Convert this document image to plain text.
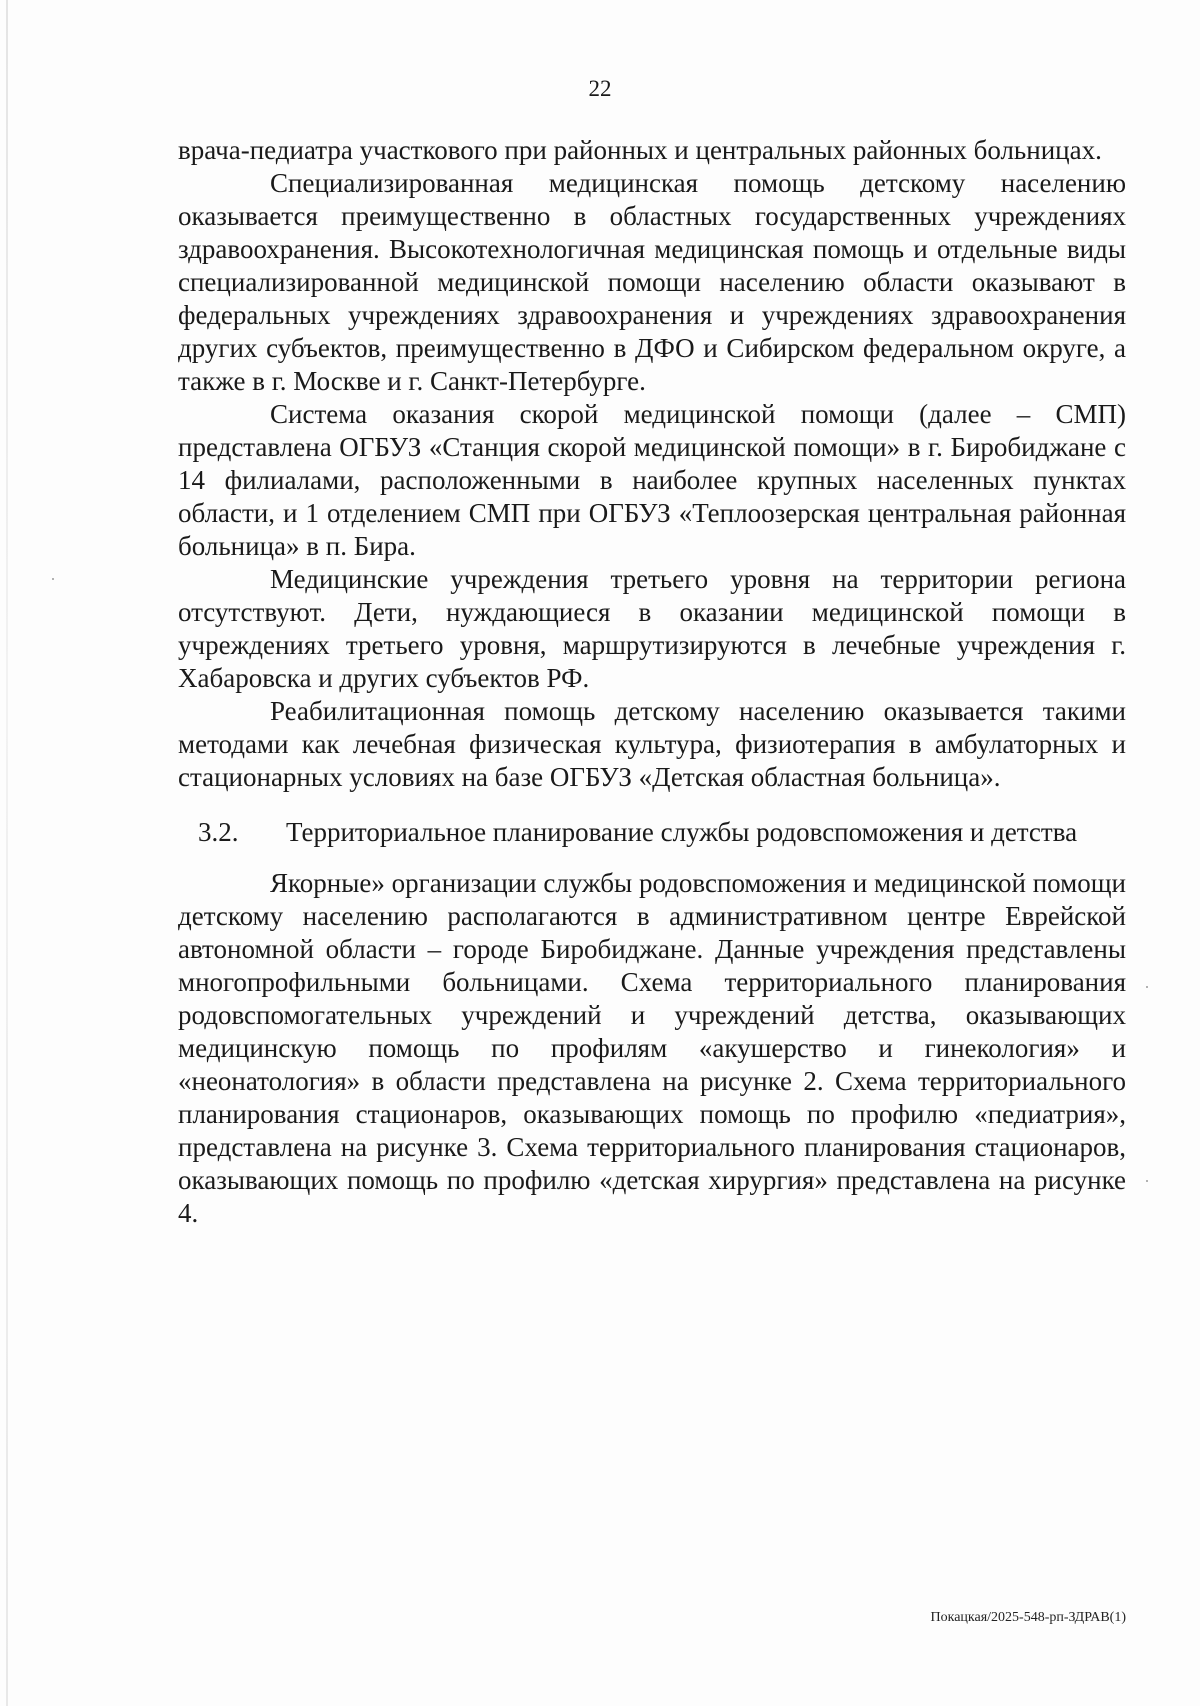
22

врача-педиатра участкового при районных и центральных районных больницах.

Специализированная медицинская помощь детскому населению оказывается преимущественно в областных государственных учреждениях здравоохранения. Высокотехнологичная медицинская помощь и отдельные виды специализированной медицинской помощи населению области оказывают в федеральных учреждениях здравоохранения и учреждениях здравоохранения других субъектов, преимущественно в ДФО и Сибирском федеральном округе, а также в г. Москве и г. Санкт-Петербурге.

Система оказания скорой медицинской помощи (далее – СМП) представлена ОГБУЗ «Станция скорой медицинской помощи» в г. Биробиджане с 14 филиалами, расположенными в наиболее крупных населенных пунктах области, и 1 отделением СМП при ОГБУЗ «Теплоозерская центральная районная больница» в п. Бира.

Медицинские учреждения третьего уровня на территории региона отсутствуют. Дети, нуждающиеся в оказании медицинской помощи в учреждениях третьего уровня, маршрутизируются в лечебные учреждения г. Хабаровска и других субъектов РФ.

Реабилитационная помощь детскому населению оказывается такими методами как лечебная физическая культура, физиотерапия в амбулаторных и стационарных условиях на базе ОГБУЗ «Детская областная больница».

3.2.	Территориальное планирование службы родовспоможения и детства

Якорные» организации службы родовспоможения и медицинской помощи детскому населению располагаются в административном центре Еврейской автономной области – городе Биробиджане. Данные учреждения представлены многопрофильными больницами. Схема территориального планирования родовспомогательных учреждений и учреждений детства, оказывающих медицинскую помощь по профилям «акушерство и гинекология» и «неонатология» в области представлена на рисунке 2. Схема территориального планирования стационаров, оказывающих помощь по профилю «педиатрия», представлена на рисунке 3. Схема территориального планирования стационаров, оказывающих помощь по профилю «детская хирургия» представлена на рисунке 4.

Покацкая/2025-548-рп-ЗДРАВ(1)
